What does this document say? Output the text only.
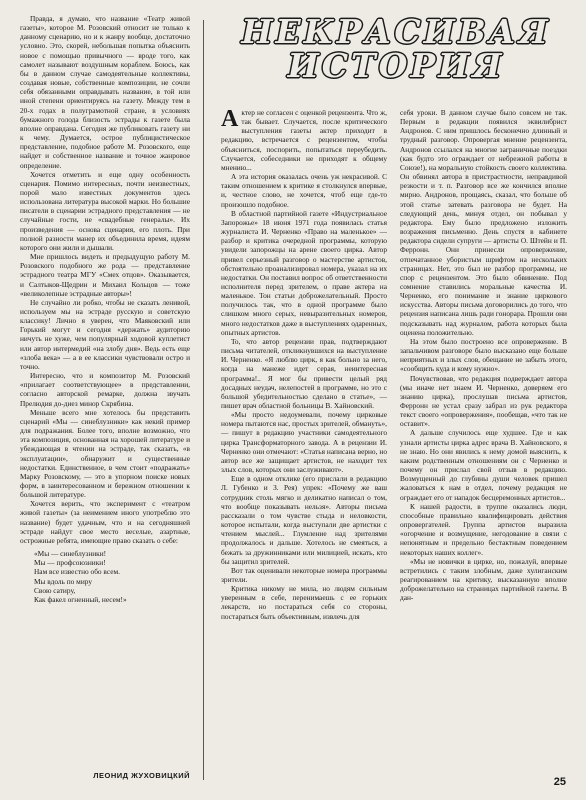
Правда, я думаю, что название «Театр живой газеты», которое М. Розовский относит не только к данному сценарию, но и к жанру вообще, достаточно условно. Это, скорей, небольшая попытка объяснить новое с помощью привычного — вроде того, как самолет называют воздушным кораблем. Боюсь, как бы в данном случае самодеятельные коллективы, создавая новые, собственные композиции, не сочли себя обязанными оправдывать название, в той или иной степени ориентируясь на газету. Между тем в 20-х годах в полуграмотной стране, в условиях бумажного голода близость эстрады к газете была вполне оправдана. Сегодня же публиковать газету ни к чему. Думается, острое публицистическое представление, подобное работе М. Розовского, еще найдет и собственное название и точное жанровое определение.

Хочется отметить и еще одну особенность сценария. Помимо интересных, почти неизвестных, порой мало известных документов здесь использована литература высокой марки. Но большие писатели в сценарии эстрадного представления — не случайные гости, не «свадебные генералы». Их произведения — основа сценария, его плоть. При полной разности манер их объединила время, идеям которого они жили и дышали.

Мне пришлось видеть и предыдущую работу М. Розовского подобного же рода — представление эстрадного театра МГУ «Смех отцов». Оказывается, и Салтыков-Щедрин и Михаил Кольцов — тоже «великолепные эстрадные авторы»!

Не случайно ли робко, чтобы не сказать ленивой, используем мы на эстраде русскую и советскую классику! Лично я уверен, что Маяковский или Горький могут и сегодня «держать» аудиторию ничуть не хуже, чем популярный ходовой куплетист или автор интермедий «на злобу дня». Ведь есть еще «злоба века» — а в ее классики чувствовали остро и точно.

Интересно, что и композитор М. Розовский «прилагает соответствующее» в представлении, согласно авторской ремарке, должна звучать Прелюдия до-диез минор Скрябина.

Меньше всего мне хотелось бы представить сценарий «Мы — синеблузники» как некий пример для подражания. Более того, вполне возможно, что эта композиция, основанная на хорошей литературе и убеждающая в чтении на эстраде, так сказать, «в эксплуатации», обнаружит и существенные недостатки. Единственное, в чем стоит «подражать» Марку Розовскому, — это в упорном поиске новых форм, в заинтересованном и бережном отношении к большой литературе.

Хочется верить, что эксперимент с «театром живой газеты» (за неимением иного употреблю это название) будет удачным, что и на сегодняшней эстраде найдут свое место веселые, азартные, острожные ребята, имеющие право сказать о себе:

«Мы — синеблузники!
Мы — профсоюзники!
Нам все известно обо всем.
Мы вдоль по миру
Свою сатиру,
Как факел огненный, несем!»
ЛЕОНИД ЖУХОВИЦКИЙ
НЕКРАСИВАЯ
ИСТОРИЯ

Актер не согласен с оценкой рецензента. Что ж, так бывает. Случается, после критического выступления газеты актер приходит в редакцию, встречается с рецензентом, чтобы объясниться, поспорить, попытаться переубедить. Случается, собеседники не приходят к общему мнению...

А эта история оказалась очень уж некрасивой. С таким отношением к критике я столкнулся впервые, и, честное слово, не хочется, чтоб еще где-то произошло подобное.

В областной партийной газете «Индустриальное Запорожье» 18 июня 1971 года появилась статья журналиста И. Черненко «Право на маленькое» — разбор и критика очередной программы, которую увидели запорожцы на арене своего цирка. Автор привел серьезный разговор о мастерстве артистов, обстоятельно проанализировал номера, указал на их недостатки. Он поставил вопрос об ответственности исполнителя перед зрителем, о праве актера на маленькое. Тон статьи доброжелательный. Просто получилось так, что в одной программе было слишком много серых, невыразительных номеров, много недостатков даже в выступлениях одаренных, опытных артистов.

То, что автор рецензии прав, подтверждают письма читателей, откликнувшихся на выступление И. Черненко. «Я люблю цирк, я как больно за него, когда на манеже идет серая, неинтересная программа!.. Я мог бы привести целый ряд досадных неудач, нелепостей в программе, но это с большой убедительностью сделано в статье», — пишет врач областной больницы В. Хайновский.

«Мы просто недоумевали, почему цирковые номера пытаются нас, простых зрителей, обмануть», — пишут в редакцию участники самодеятельного цирка Трансформаторного завода. А в рецензии И. Черненко они отмечают: «Статья написана верно, но автор все же защищает артистов, не находит тех злых слов, которых они заслуживают».

Еще в одном отклике (его прислали в редакцию Л. Губенко и З. Рея) упрек: «Почему же ваш сотрудник столь мягко и деликатно написал о том, что вообще показывать нельзя». Авторы письма рассказали о том чувстве стыда и неловкости, которое испытали, когда выступали две артистки с чтением мыслей... Глумление над зрителями продолжалось и дальше. Хотелось не смеяться, а бежать за дружинниками или милицией, искать, кто бы защитил зрителей.

Вот так оценивали некоторые номера программы зрители.

Критика никому не мила, но людям сильным уверенным в себе, перенимаешь с ее горьких лекарств, но постараться себя со стороны, постараться быть объективным, извлечь для

себя уроки. В данном случае было совсем не так. Первым в редакции появился эквилибрист Андронов. С ним пришлось бесконечно длинный и трудный разговор. Опровергая мнение рецензента, Андронов ссылался на многие заграничные поездки (как будто это ограждает от небрежной работы в Союзе!), на моральную стойкость своего коллектива. Он обвинял автора в пристрастности, неправдивой резкости и т. п. Разговор все же кончился вполне мирно. Андронов, прощаясь, сказал, что больше об этой статье затевать разговора не будет. На следующий день, минуя отдел, он побывал у редактора. Ему было предложено изложить возражения письменно. День спустя в кабинете редактора сидели супруги — артисты О. Штейн и П. Ферронн. Они принесли опровержение, отпечатанное убористым шрифтом на нескольких страницах. Нет, это был не разбор программы, не спор с рецензентом. Это было обвинение. Под сомнение ставились моральные качества И. Черненко, его понимание и знание циркового искусства. Авторы письма договорились до того, что рецензия написана лишь ради гонорара. Прошли они подсказывать над журналом, работа которых была оценена положительно.

На этом было построено все опровержение. В запальчивом разговоре было высказано еще больше неприятных и злых слов, обещание не забыть этого, «сообщить куда и кому нужно».

Почувствовав, что редакция подверждает автора (мы иначе нет знаем И. Черненко, доверяем его знанию цирка), прослушав письма артистов, Ферронн не устал сразу забрал из рук редактора текст своего «опровержения», пообещав, «что так не оставит».

А дальше случилось еще худшее. Где и как узнали артисты цирка адрес врача В. Хайновского, я не знаю. Но они явились к нему домой выяснить, к каким родственным отношениям он с Черненко и почему он прислал свой отзыв в редакцию. Возмущенный до глубины души человек пришел жаловаться к нам в отдел, почему редакция не ограждает его от нападок бесцеремонных артистов...

К нашей радости, в труппе оказались люди, способные правильно квалифицировать действия опровергателей. Группа артистов выразила «огорчение и возмущение, негодование в связи с непонятным и предельно бестактным поведением некоторых наших коллег».

«Мы не новички в цирке, но, пожалуй, впервые встретились с таким злобным, даже хулиганским реагированием на критику, высказанную вполне доброжелательно на страницах партийной газеты. В дан-

25
